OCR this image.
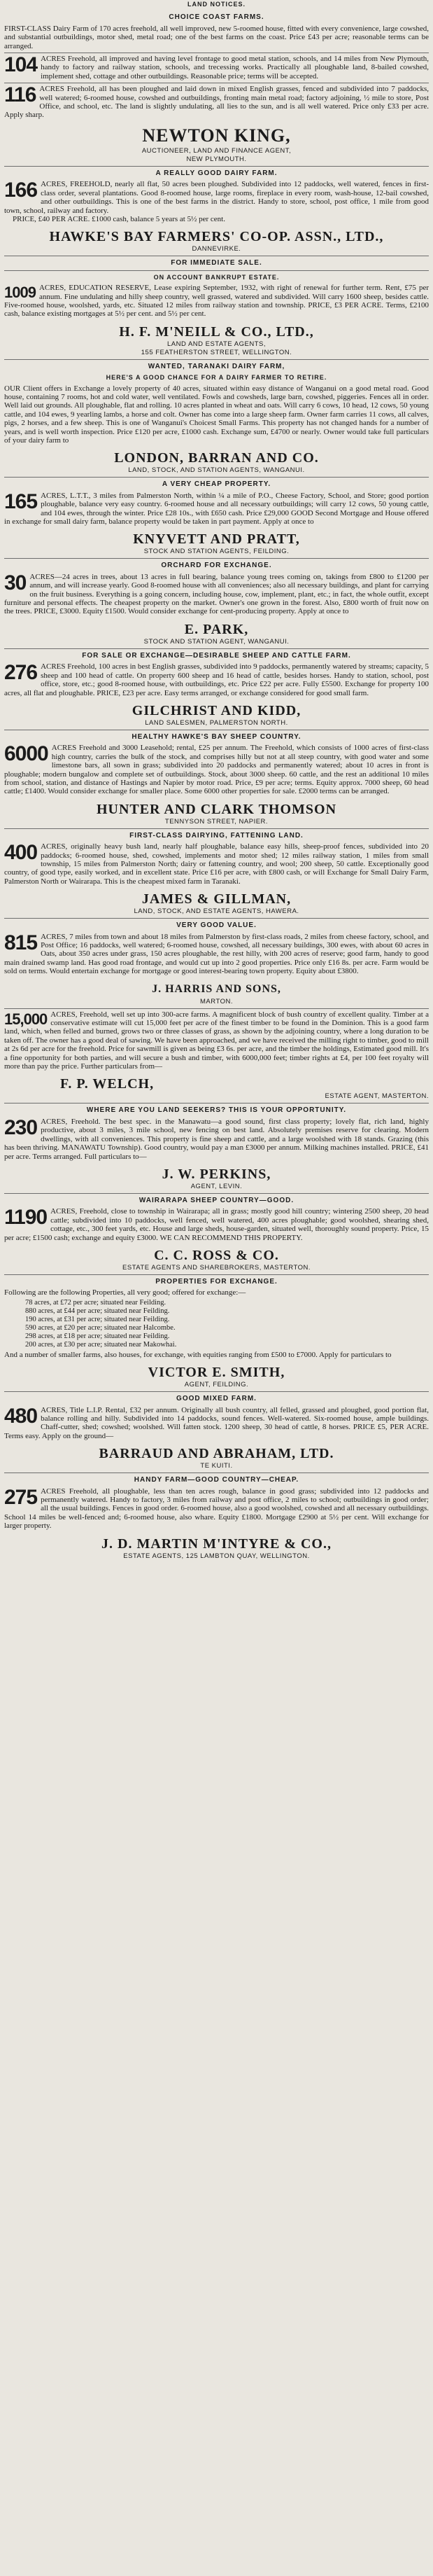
LAND NOTICES.
CHOICE COAST FARMS.

FIRST-CLASS Dairy Farm of 170 acres freehold, all well improved, new 5-roomed house, fitted with every convenience, large cowshed, and substantial outbuildings, motor shed, metal road; one of the best farms on the coast. Price £43 per acre; reasonable terms can be arranged.

104 ACRES Freehold, all improved and having level frontage to good metal station, schools, and 14 miles from New Plymouth, handy to factory and railway station, schools, and trecessing works. Practically all ploughable land, 8-bailed cowshed, implement shed, cottage and other outbuildings. Reasonable price; terms will be accepted.

116 ACRES Freehold, all has been ploughed and laid down in mixed English grasses, fenced and subdivided into 7 paddocks, well watered; 6-roomed house, cowshed and outbuildings, fronting main metal road; factory adjoining, ½ mile to store, Post Office, and school, etc. The land is slightly undulating, all lies to the sun, and is all well watered. Price only £33 per acre. Apply sharp.

NEWTON KING,
AUCTIONEER, LAND AND FINANCE AGENT,
NEW PLYMOUTH.
A REALLY GOOD DAIRY FARM.
166 ACRES, FREEHOLD, nearly all flat, 50 acres been ploughed. Subdivided into 12 paddocks, well watered, fences in first-class order, several plantations. Good 8-roomed house, large rooms, fireplace in every room, wash-house, 12-bail cowshed, and other outbuildings. This is one of the best farms in the district. Handy to store, school, post office, 1 mile from good town, school, railway and factory.

PRICE, £40 PER ACRE. £1000 cash, balance 5 years at 5½ per cent.

HAWKE'S BAY FARMERS' CO-OP. ASSN., LTD.,
DANNEVIRKE.
FOR IMMEDIATE SALE.
ON ACCOUNT BANKRUPT ESTATE.
1009 ACRES, EDUCATION RESERVE, Lease expiring September, 1932, with right of renewal for further term. Rent, £75 per annum. Fine undulating and hilly sheep country, well grassed, watered and subdivided. Will carry 1600 sheep, besides cattle. Five-roomed house, woolshed, yards, etc. Situated 12 miles from railway station and township. PRICE, £3 PER ACRE. Terms, £2100 cash, balance existing mortgages at 5½ per cent. and 5½ per cent.

H. F. M'NEILL & CO., LTD.,
LAND AND ESTATE AGENTS,
155 FEATHERSTON STREET, WELLINGTON.
WANTED, TARANAKI DAIRY FARM,
HERE'S A GOOD CHANCE FOR A DAIRY FARMER TO RETIRE.

OUR Client offers in Exchange a lovely property of 40 acres, situated within easy distance of Wanganui on a good metal road. Good house, containing 7 rooms, hot and cold water, well ventilated. Fowls and cowsheds, large barn, cowshed, piggeries. Fences all in order. Well laid out grounds. All ploughable, flat and rolling. 10 acres planted in wheat and oats. Will carry 6 cows, 10 head, 12 cows, 50 young cattle, and 104 ewes, 9 yearling lambs, a horse and colt. Owner has come into a large sheep farm. Owner farm carries 11 cows, all calves, pigs, 2 horses, and a few sheep. This is one of Wanganui's Choicest Small Farms. This property has not changed hands for a number of years, and is well worth inspection. Price £120 per acre, £1000 cash. Exchange sum, £4700 or nearly. Owner would take full particulars of your dairy farm to

LONDON, BARRAN AND CO.
LAND, STOCK, AND STATION AGENTS, WANGANUI.
A VERY CHEAP PROPERTY.
165 ACRES, L.T.T., 3 miles from Palmerston North, within ¼ a mile of P.O., Cheese Factory, School, and Store; good portion ploughable, balance very easy country. 6-roomed house and all necessary outbuildings; will carry 12 cows, 50 young cattle, and 104 ewes, through the winter. Price £28 10s., with £650 cash. Price £29,000 GOOD Second Mortgage and House offered in exchange for small dairy farm, balance property would be taken in part payment. Apply at once to

KNYVETT AND PRATT,
STOCK AND STATION AGENTS, FEILDING.
ORCHARD FOR EXCHANGE.
30 ACRES—24 acres in trees, about 13 acres in full bearing, balance young trees coming on, takings from £800 to £1200 per annum, and will increase yearly. Good 8-roomed house with all conveniences; also all necessary buildings, and plant for carrying on the fruit business. Everything is a going concern, including house, cow, implement, plant, etc.; in fact, the whole outfit, except furniture and personal effects. The cheapest property on the market. Owner's one grown in the forest. Also, £800 worth of fruit now on the trees. PRICE, £3000. Equity £1500. Would consider exchange for cent-producing property. Apply at once to

E. PARK,
STOCK AND STATION AGENT, WANGANUI.
FOR SALE OR EXCHANGE—DESIRABLE SHEEP AND CATTLE FARM.
276 ACRES Freehold, 100 acres in best English grasses, subdivided into 9 paddocks, permanently watered by streams; capacity, 5 sheep and 100 head of cattle. On property 600 sheep and 16 head of cattle, besides horses. Handy to station, school, post office, store, etc.; good 8-roomed house, with outbuildings, etc. Price £22 per acre. Fully £5500. Exchange for property 100 acres, all flat and ploughable. PRICE, £23 per acre. Easy terms arranged, or exchange considered for good small farm.

GILCHRIST AND KIDD,
LAND SALESMEN, PALMERSTON NORTH.
HEALTHY HAWKE'S BAY SHEEP COUNTRY.
6000 ACRES Freehold and 3000 Leasehold; rental, £25 per annum. The Freehold, which consists of 1000 acres of first-class high country, carries the bulk of the stock, and comprises hilly but not at all steep country, with good water and some limestone bars, all sown in grass; subdivided into 20 paddocks and permanently watered; about 10 acres in front is ploughable; modern bungalow and complete set of outbuildings. Stock, about 3000 sheep. 60 cattle, and the rest an additional 10 miles from school, station, and distance of Hastings and Napier by motor road. Price, £9 per acre; terms. Equity approx. 7000 sheep, 60 head cattle; £1400. Would consider exchange for smaller place. Some 6000 other properties for sale. £2000 terms can be arranged.

HUNTER AND CLARK THOMSON
TENNYSON STREET, NAPIER.
FIRST-CLASS DAIRYING, FATTENING LAND.
400 ACRES, originally heavy bush land, nearly half ploughable, balance easy hills, sheep-proof fences, subdivided into 20 paddocks; 6-roomed house, shed, cowshed, implements and motor shed; 12 miles railway station, 1 miles from small township, 15 miles from Palmerston North; dairy or fattening country, and wool; 200 sheep, 50 cattle. Exceptionally good country, of good type, easily worked, and in excellent state. Price £16 per acre, with £800 cash, or will Exchange for Small Dairy Farm, Palmerston North or Wairarapa. This is the cheapest mixed farm in Taranaki.

JAMES & GILLMAN,
LAND, STOCK, AND ESTATE AGENTS, HAWERA.
VERY GOOD VALUE.
815 ACRES, 7 miles from town and about 18 miles from Palmerston by first-class roads, 2 miles from cheese factory, school, and Post Office; 16 paddocks, well watered; 6-roomed house, cowshed, all necessary buildings, 300 ewes, with about 60 acres in Oats, about 350 acres under grass, 150 acres ploughable, the rest hilly, with 200 acres of reserve; good farm, handy to good main drained swamp land. Has good road frontage, and would cut up into 2 good properties. Price only £16 8s. per acre. Farm would be sold on terms. Would entertain exchange for mortgage or good interest-bearing town property. Equity about £3800.

J. HARRIS AND SONS,
MARTON.
15,000 ACRES, Freehold, well set up into 300-acre farms. A magnificent block of bush country of excellent quality. Timber at a conservative estimate will cut 15,000 feet per acre of the finest timber to be found in the Dominion. This is a good farm land, which, when felled and burned, grows two or three classes of grass, as shown by the adjoining country, where a long duration to be taken off. The owner has a good deal of sawing. We have been approached, and we have received the milling right to timber, good to mill at 2s 6d per acre for the freehold. Price for sawmill is given as being £3 6s. per acre, and the timber the holdings, Estimated good mill. It's a fine opportunity for both parties, and will secure a bush and timber, with 6000,000 feet; timber rights at £4, per 100 feet royalty will more than pay the price. Further particulars from—

F. P. WELCH,
ESTATE AGENT, MASTERTON.
WHERE ARE YOU LAND SEEKERS? THIS IS YOUR OPPORTUNITY.
230 ACRES, Freehold. The best spec. in the Manawatu—a good sound, first class property; lovely flat, rich land, highly productive, about 3 miles, 3 mile school, new fencing on best land. Absolutely premises reserve for clearing. Modern dwellings, with all conveniences. This property is fine sheep and cattle, and a large woolshed with 18 stands. Grazing (this has been thriving. MANAWATU Township). Good country, would pay a man £3000 per annum. Milking machines installed. PRICE, £41 per acre. Terms arranged. Full particulars to—

J. W. PERKINS,
AGENT, LEVIN.
WAIRARAPA SHEEP COUNTRY—GOOD.
1190 ACRES, Freehold, close to township in Wairarapa; all in grass; mostly good hill country; wintering 2500 sheep, 20 head cattle; subdivided into 10 paddocks, well fenced, well watered, 400 acres ploughable; good woolshed, shearing shed, cottage, etc., 300 feet yards, etc. House and large sheds, house-garden, situated well, thoroughly sound property. Price, 15 per acre; £1500 cash; exchange and equity £3000. WE CAN RECOMMEND THIS PROPERTY.

C. C. ROSS & CO.
ESTATE AGENTS AND SHAREBROKERS, MASTERTON.
PROPERTIES FOR EXCHANGE.

Following are the following Properties, all very good; offered for exchange:—

78 acres, at £72 per acre; situated near Feilding.
880 acres, at £44 per acre; situated near Feilding.
190 acres, at £31 per acre; situated near Feilding.
590 acres, at £20 per acre; situated near Halcombe.
298 acres, at £18 per acre; situated near Feilding.
200 acres, at £30 per acre; situated near Makowhai.

And a number of smaller farms, also houses, for exchange, with equities ranging from £500 to £7000. Apply for particulars to

VICTOR E. SMITH,
AGENT, FEILDING.
GOOD MIXED FARM.
480 ACRES, Title L.I.P. Rental, £32 per annum. Originally all bush country, all felled, grassed and ploughed, good portion flat, balance rolling and hilly. Subdivided into 14 paddocks, sound fences. Well-watered. Six-roomed house, ample buildings. Chaff-cutter, shed; cowshed; woolshed. Will fatten stock. 1200 sheep, 30 head of cattle, 8 horses. PRICE £5, PER ACRE. Terms easy. Apply on the ground—

BARRAUD AND ABRAHAM, LTD.
TE KUITI.
HANDY FARM—GOOD COUNTRY—CHEAP.
275 ACRES Freehold, all ploughable, less than ten acres rough, balance in good grass; subdivided into 12 paddocks and permanently watered. Handy to factory, 3 miles from railway and post office, 2 miles to school; outbuildings in good order; all the usual buildings. Fences in good order. 6-roomed house, also a good woolshed, cowshed and all necessary outbuildings. School 14 miles be well-fenced and; 6-roomed house, also whare. Equity £1800. Mortgage £2900 at 5½ per cent. Will exchange for larger property.

J. D. MARTIN M'INTYRE & CO.,
ESTATE AGENTS, 125 LAMBTON QUAY, WELLINGTON.
